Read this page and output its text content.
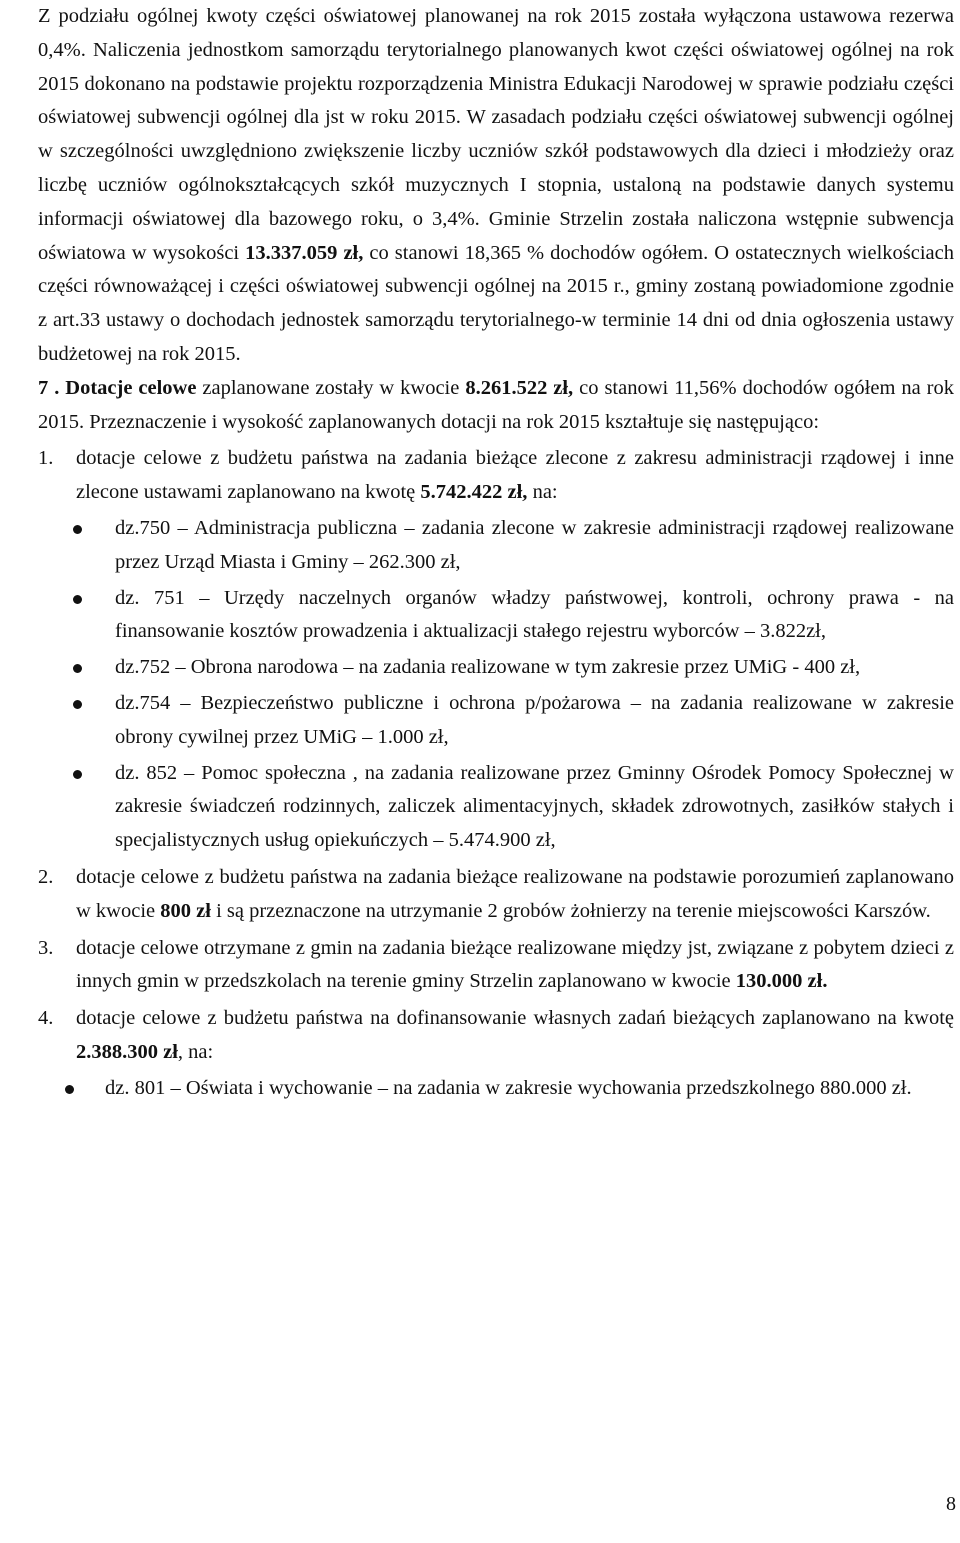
Z podziału ogólnej kwoty części oświatowej planowanej na rok 2015 została wyłączona ustawowa rezerwa 0,4%. Naliczenia jednostkom samorządu terytorialnego planowanych kwot części oświatowej ogólnej na rok 2015 dokonano na podstawie projektu rozporządzenia Ministra Edukacji Narodowej w sprawie podziału części oświatowej subwencji ogólnej dla jst w roku 2015. W zasadach podziału części oświatowej subwencji ogólnej w szczególności uwzględniono zwiększenie liczby uczniów szkół podstawowych dla dzieci i młodzieży oraz liczbę uczniów ogólnokształcących szkół muzycznych I stopnia, ustaloną na podstawie danych systemu informacji oświatowej dla bazowego roku, o 3,4%. Gminie Strzelin została naliczona wstępnie subwencja oświatowa w wysokości 13.337.059 zł, co stanowi 18,365 % dochodów ogółem. O ostatecznych wielkościach części równoważącej i części oświatowej subwencji ogólnej na 2015 r., gminy zostaną powiadomione zgodnie z art.33 ustawy o dochodach jednostek samorządu terytorialnego-w terminie 14 dni od dnia ogłoszenia ustawy budżetowej na rok 2015.

7 . Dotacje celowe zaplanowane zostały w kwocie 8.261.522 zł, co stanowi 11,56% dochodów ogółem na rok 2015. Przeznaczenie i wysokość zaplanowanych dotacji na rok 2015 kształtuje się następująco:

1. dotacje celowe z budżetu państwa na zadania bieżące zlecone z zakresu administracji rządowej i inne zlecone ustawami zaplanowano na kwotę 5.742.422 zł, na:

dz.750 – Administracja publiczna – zadania zlecone w zakresie administracji rządowej realizowane przez Urząd Miasta i Gminy – 262.300 zł,

dz. 751 – Urzędy naczelnych organów władzy państwowej, kontroli, ochrony prawa - na finansowanie kosztów prowadzenia i aktualizacji stałego rejestru wyborców – 3.822zł,

dz.752 – Obrona narodowa – na zadania realizowane w tym zakresie przez UMiG - 400 zł,

dz.754 – Bezpieczeństwo publiczne i ochrona p/pożarowa – na zadania realizowane w zakresie obrony cywilnej przez UMiG – 1.000 zł,

dz. 852 – Pomoc społeczna , na zadania realizowane przez Gminny Ośrodek Pomocy Społecznej w zakresie świadczeń rodzinnych, zaliczek alimentacyjnych, składek zdrowotnych, zasiłków stałych i specjalistycznych usług opiekuńczych – 5.474.900 zł,

2. dotacje celowe z budżetu państwa na zadania bieżące realizowane na podstawie porozumień zaplanowano w kwocie 800 zł i są przeznaczone na utrzymanie 2 grobów żołnierzy na terenie miejscowości Karszów.

3. dotacje celowe otrzymane z gmin na zadania bieżące realizowane między jst, związane z pobytem dzieci z innych gmin w przedszkolach na terenie gminy Strzelin zaplanowano w kwocie 130.000 zł.

4. dotacje celowe z budżetu państwa na dofinansowanie własnych zadań bieżących zaplanowano na kwotę 2.388.300 zł, na:

dz. 801 – Oświata i wychowanie – na zadania w zakresie wychowania przedszkolnego 880.000 zł.

8
